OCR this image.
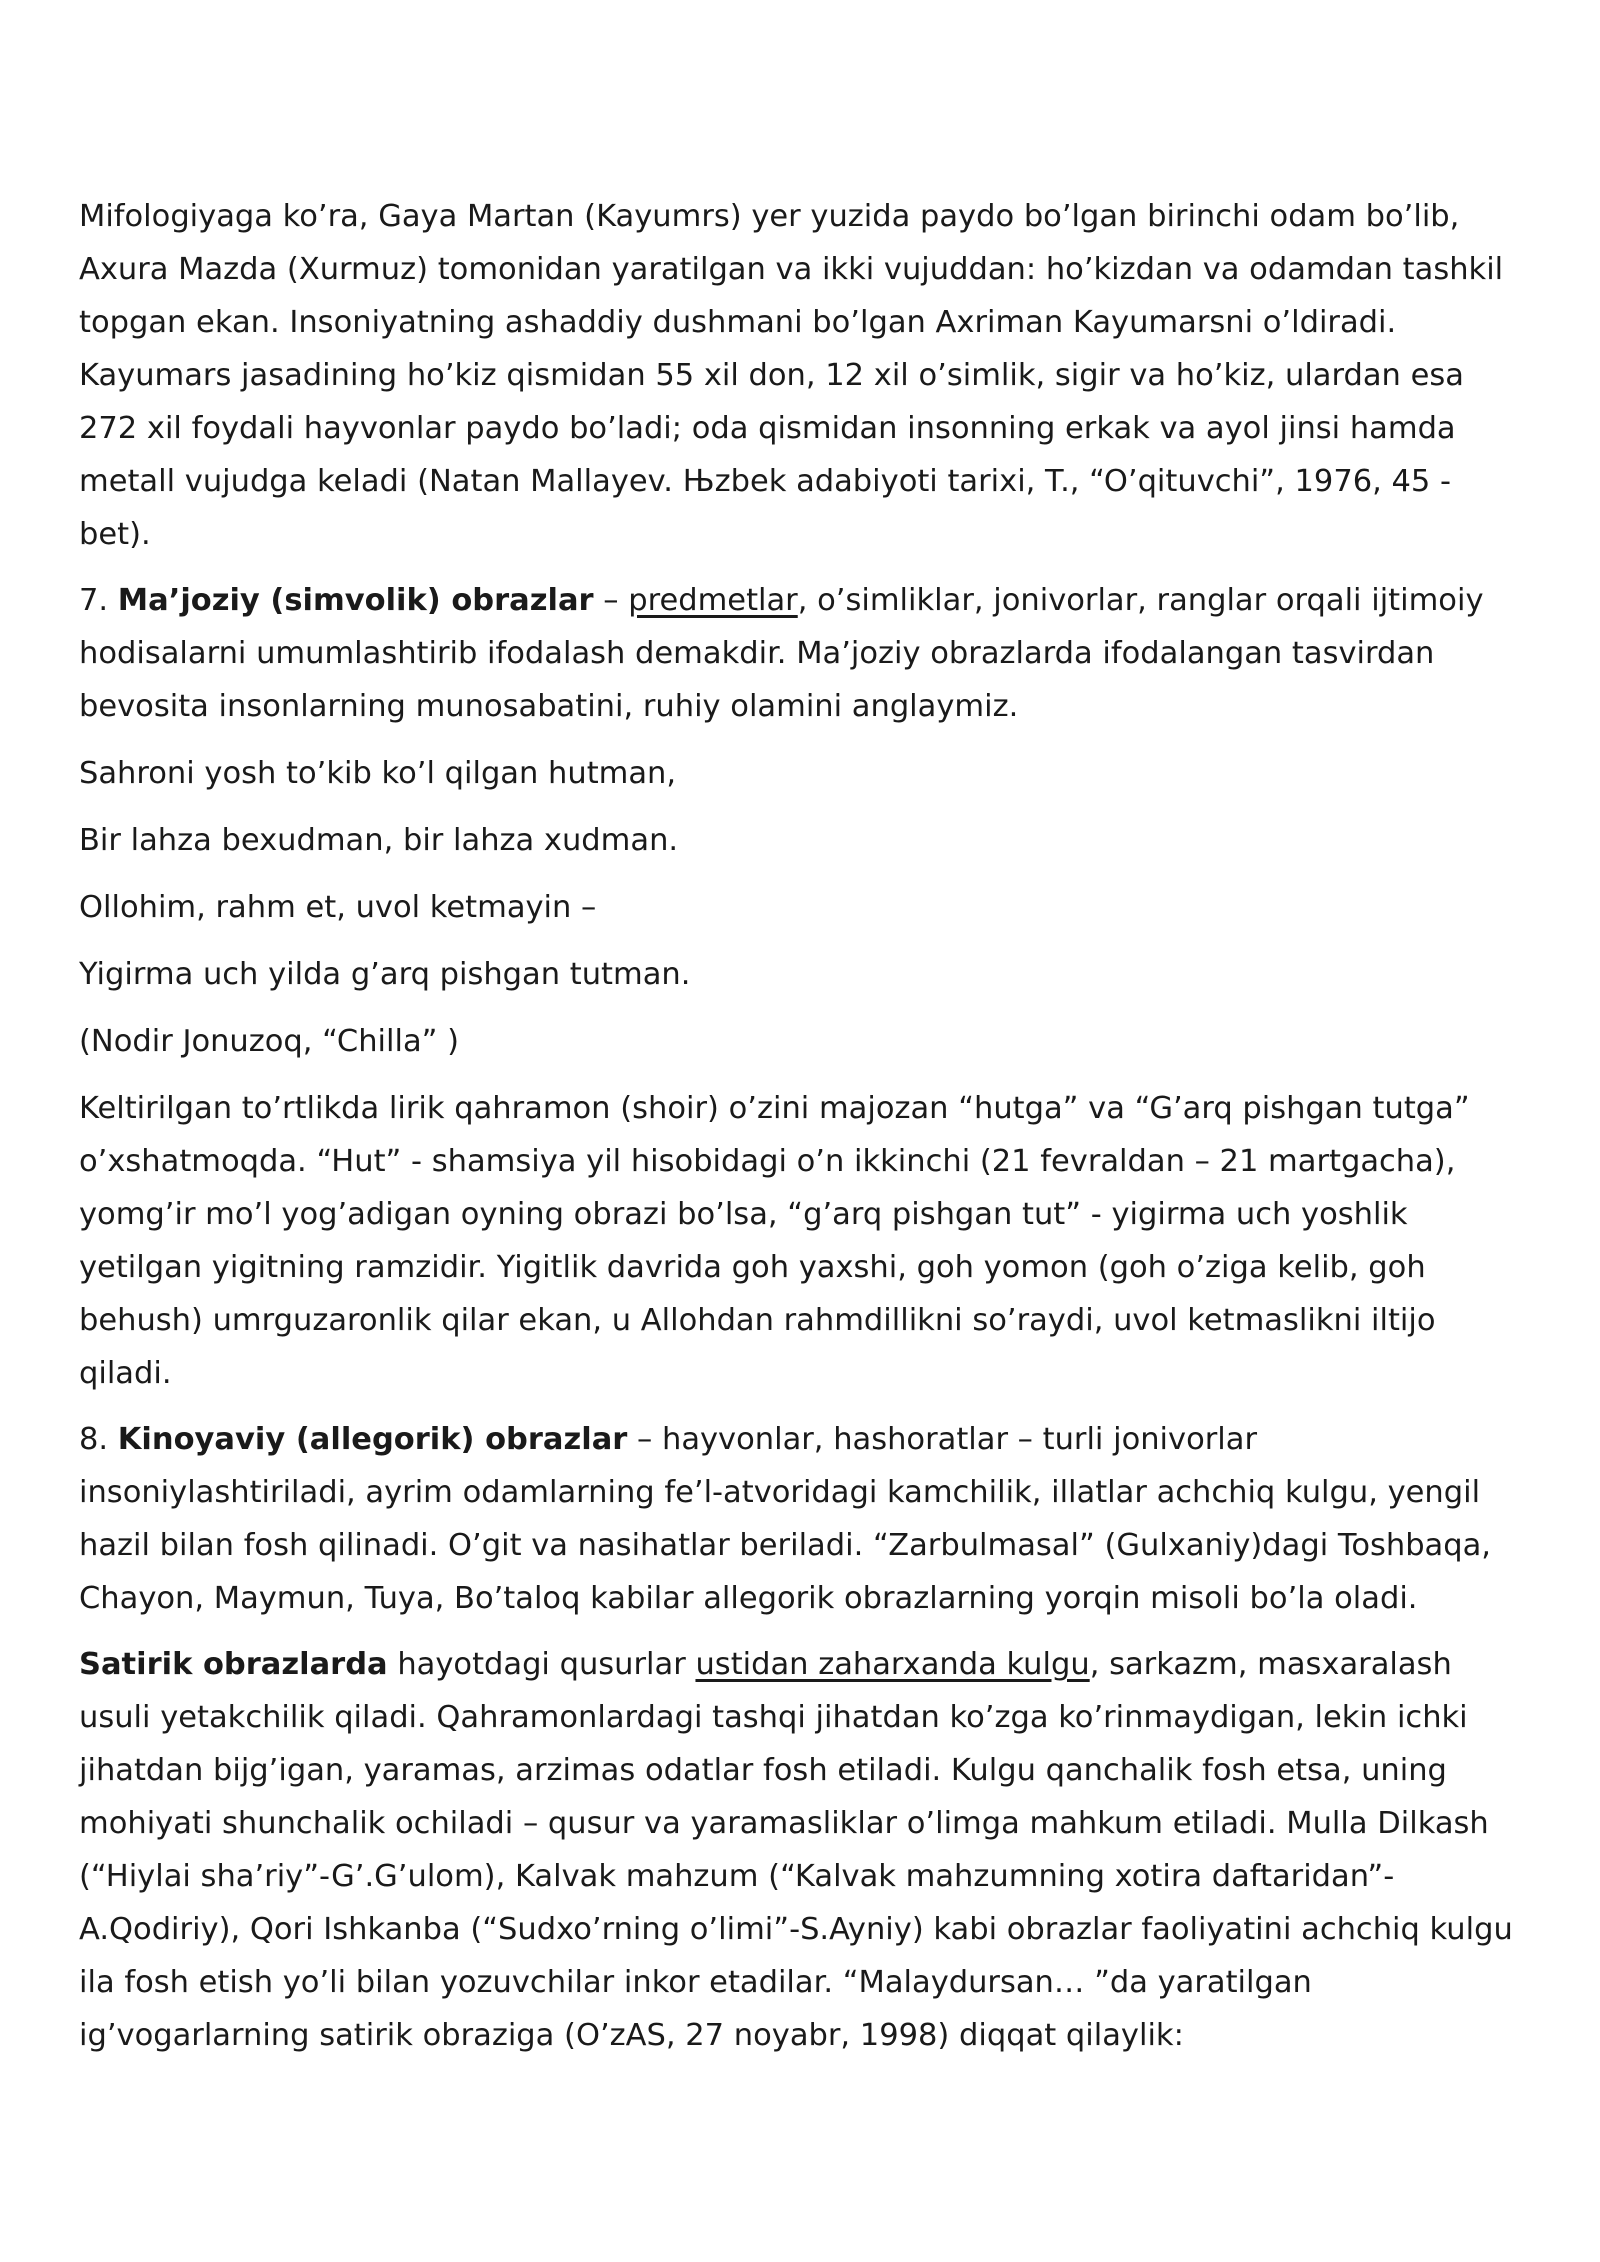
Mifologiyaga ko’ra, Gaya Martan (Kayumrs) yer yuzida paydo bo’lgan birinchi odam bo’lib, Axura Mazda (Xurmuz) tomonidan yaratilgan va ikki vujuddan: ho’kizdan va odamdan tashkil topgan ekan. Insoniyatning ashaddiy dushmani bo’lgan Axriman Kayumarsni o’ldiradi. Kayumars jasadining ho’kiz qismidan 55 xil don, 12 xil o’simlik, sigir va ho’kiz, ulardan esa 272 xil foydali hayvonlar paydo bo’ladi; oda qismidan insonning erkak va ayol jinsi hamda metall vujudga keladi (Natan Mallayev. Њzbek adabiyoti tarixi, T., “O’qituvchi”, 1976, 45 - bet).

7. Ma’joziy (simvolik) obrazlar – predmetlar, o’simliklar, jonivorlar, ranglar orqali ijtimoiy hodisalarni umumlashtirib ifodalash demakdir. Ma’joziy obrazlarda ifodalangan tasvirdan bevosita insonlarning munosabatini, ruhiy olamini anglaymiz.

Sahroni yosh to’kib ko’l qilgan hutman,

Bir lahza bexudman, bir lahza xudman.

Ollohim, rahm et, uvol ketmayin –

Yigirma uch yilda g’arq pishgan tutman.

(Nodir Jonuzoq, “Chilla” )

Keltirilgan to’rtlikda lirik qahramon (shoir) o’zini majozan “hutga” va “G’arq pishgan tutga” o’xshatmoqda. “Hut” - shamsiya yil hisobidagi o’n ikkinchi (21 fevraldan – 21 martgacha), yomg’ir mo’l yog’adigan oyning obrazi bo’lsa, “g’arq pishgan tut” - yigirma uch yoshlik yetilgan yigitning ramzidir. Yigitlik davrida goh yaxshi, goh yomon (goh o’ziga kelib, goh behush) umrguzaronlik qilar ekan, u Allohdan rahmdillikni so’raydi, uvol ketmaslikni iltijo qiladi.

8. Kinoyaviy (allegorik) obrazlar – hayvonlar, hashoratlar – turli jonivorlar insoniylashtiriladi, ayrim odamlarning fe’l-atvoridagi kamchilik, illatlar achchiq kulgu, yengil hazil bilan fosh qilinadi. O’git va nasihatlar beriladi. “Zarbulmasal” (Gulxaniy)dagi Toshbaqa, Chayon, Maymun, Tuya, Bo’taloq kabilar allegorik obrazlarning yorqin misoli bo’la oladi.

Satirik obrazlarda hayotdagi qusurlar ustidan zaharxanda kulgu, sarkazm, masxaralash usuli yetakchilik qiladi. Qahramonlardagi tashqi jihatdan ko’zga ko’rinmaydigan, lekin ichki jihatdan bijg’igan, yaramas, arzimas odatlar fosh etiladi. Kulgu qanchalik fosh etsa, uning mohiyati shunchalik ochiladi – qusur va yaramasliklar o’limga mahkum etiladi. Mulla Dilkash (“Hiylai sha’riy”-G’.G’ulom), Kalvak mahzum (“Kalvak mahzumning xotira daftaridan”-A.Qodiriy), Qori Ishkanba (“Sudxo’rning o’limi”-S.Ayniy) kabi obrazlar faoliyatini achchiq kulgu ila fosh etish yo’li bilan yozuvchilar inkor etadilar. “Malaydursan… ”da yaratilgan ig’vogarlarning satirik obraziga (O’zAS, 27 noyabr, 1998) diqqat qilaylik:
